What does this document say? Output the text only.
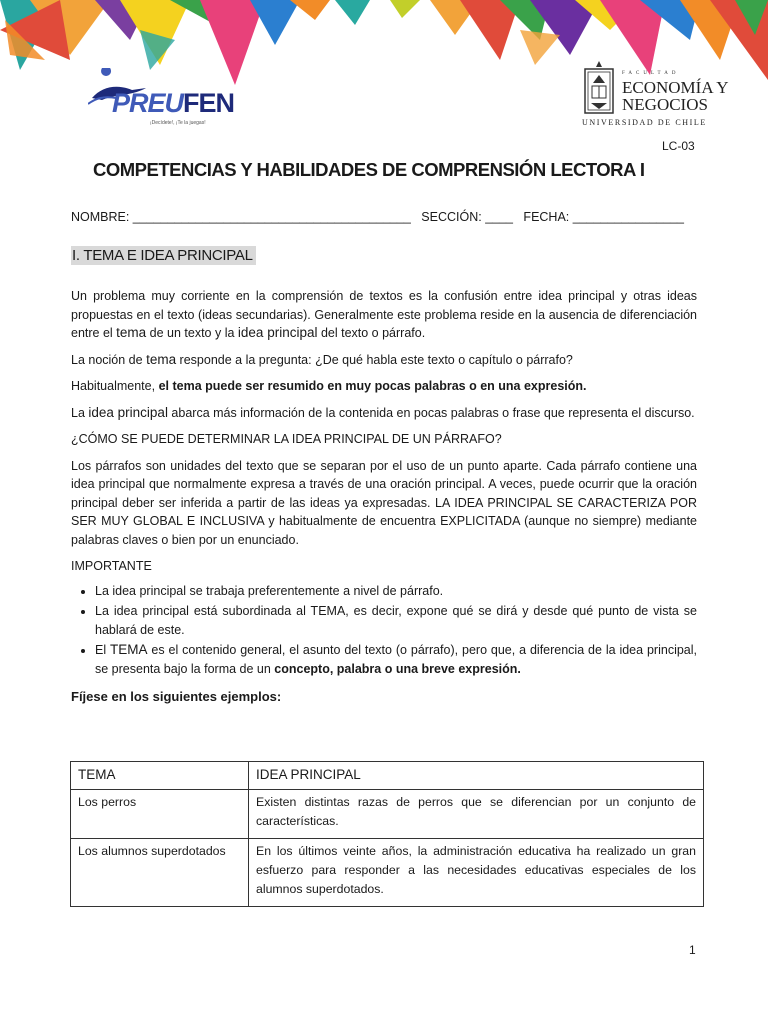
PREUFEN
¡Decídete!, ¡Te la juegas!
FACULTAD
ECONOMÍA Y
NEGOCIOS
UNIVERSIDAD DE CHILE
LC-03
COMPETENCIAS Y HABILIDADES DE COMPRENSIÓN LECTORA I
NOMBRE: ________________________________________   SECCIÓN: ____   FECHA: ________________
I. TEMA E IDEA PRINCIPAL

Un problema muy corriente en la comprensión de textos es la confusión entre idea principal y otras ideas propuestas en el texto (ideas secundarias). Generalmente este problema reside en la ausencia de diferenciación entre el tema de un texto y la idea principal del texto o párrafo.

La noción de tema responde a la pregunta: ¿De qué habla este texto o capítulo o párrafo?

Habitualmente, el tema puede ser resumido en muy pocas palabras o en una expresión.

La idea principal abarca más información de la contenida en pocas palabras o frase que representa el discurso.

¿CÓMO SE PUEDE DETERMINAR LA IDEA PRINCIPAL DE UN PÁRRAFO?

Los párrafos son unidades del texto que se separan por el uso de un punto aparte. Cada párrafo contiene una idea principal que normalmente expresa a través de una oración principal. A veces, puede ocurrir que la oración principal deber ser inferida a partir de las ideas ya expresadas. LA IDEA PRINCIPAL SE CARACTERIZA POR SER MUY GLOBAL E INCLUSIVA y habitualmente de encuentra EXPLICITADA (aunque no siempre) mediante palabras claves o bien por un enunciado.

IMPORTANTE

• La idea principal se trabaja preferentemente a nivel de párrafo.
• La idea principal está subordinada al TEMA, es decir, expone qué se dirá y desde qué punto de vista se hablará de este.
• El TEMA es el contenido general, el asunto del texto (o párrafo), pero que, a diferencia de la idea principal, se presenta bajo la forma de un concepto, palabra o una breve expresión.
Fíjese en los siguientes ejemplos:
TEMA	IDEA PRINCIPAL
Los perros	Existen distintas razas de perros que se diferencian por un conjunto de características.
Los alumnos superdotados	En los últimos veinte años, la administración educativa ha realizado un gran esfuerzo para responder a las necesidades educativas especiales de los alumnos superdotados.
1
